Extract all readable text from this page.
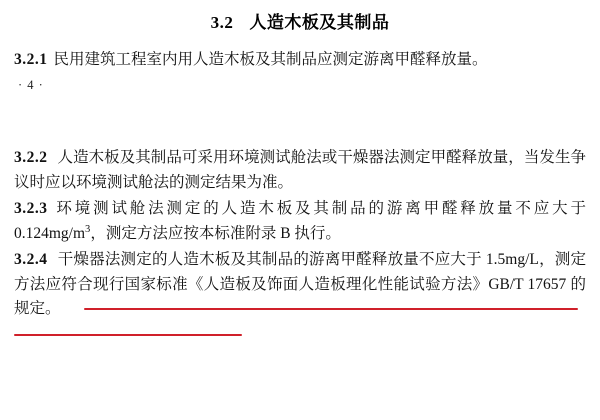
3.2 人造木板及其制品

3.2.1 民用建筑工程室内用人造木板及其制品应测定游离甲醛释放量。

· 4 ·

3.2.2 人造木板及其制品可采用环境测试舱法或干燥器法测定甲醛释放量，当发生争议时应以环境测试舱法的测定结果为准。

3.2.3 环境测试舱法测定的人造木板及其制品的游离甲醛释放量不应大于 $0.124mg/m^3$，测定方法应按本标准附录 B 执行。

3.2.4 干燥器法测定的人造木板及其制品的游离甲醛释放量不应大于 1.5mg/L，测定方法应符合现行国家标准《人造板及饰面人造板理化性能试验方法》GB/T 17657 的规定。
